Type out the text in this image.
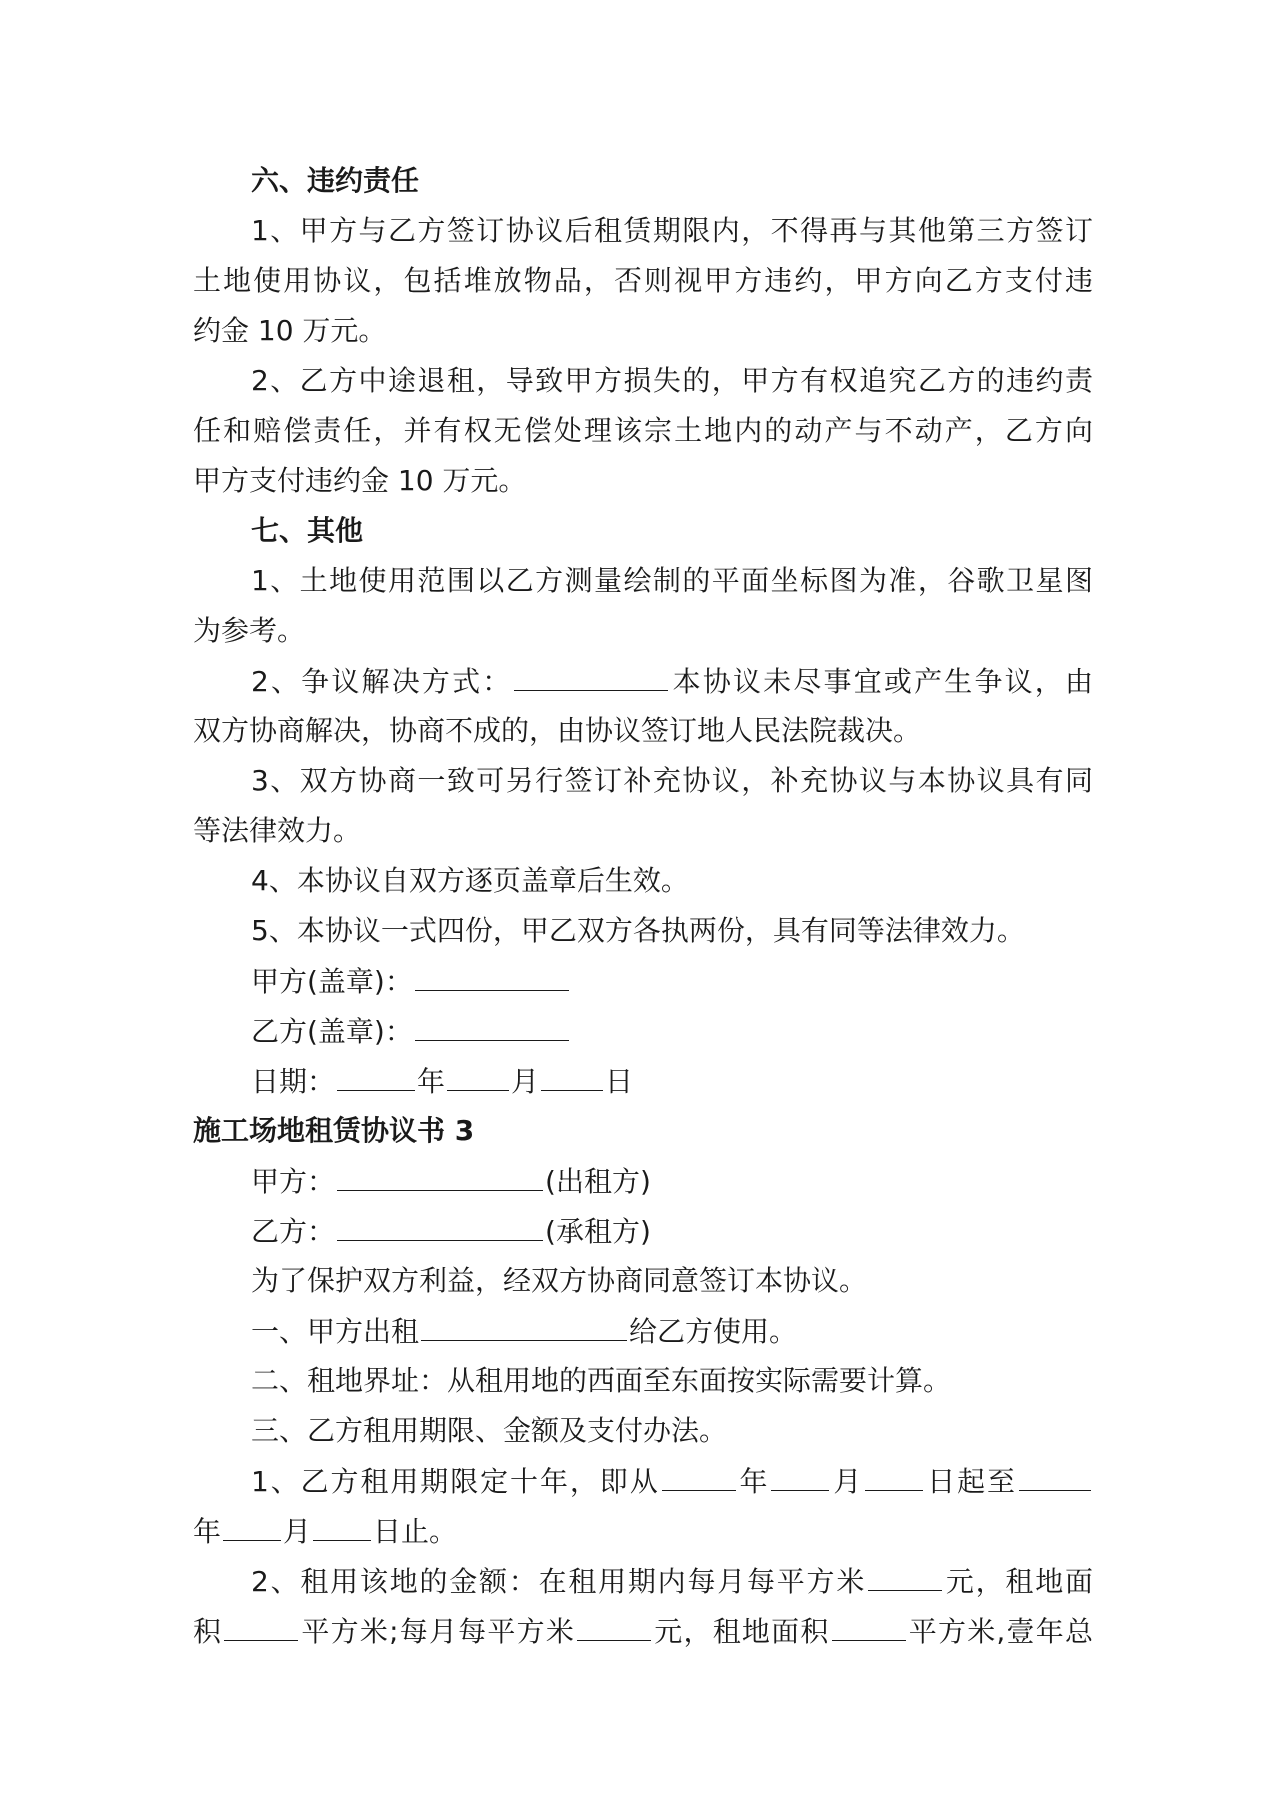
六、违约责任
1、甲方与乙方签订协议后租赁期限内，不得再与其他第三方签订
土地使用协议，包括堆放物品，否则视甲方违约，甲方向乙方支付违
约金 10 万元。
2、乙方中途退租，导致甲方损失的，甲方有权追究乙方的违约责
任和赔偿责任，并有权无偿处理该宗土地内的动产与不动产，乙方向
甲方支付违约金 10 万元。
七、其他
1、土地使用范围以乙方测量绘制的平面坐标图为准，谷歌卫星图
为参考。
2、争议解决方式：	本协议未尽事宜或产生争议，由
双方协商解决，协商不成的，由协议签订地人民法院裁决。
3、双方协商一致可另行签订补充协议，补充协议与本协议具有同
等法律效力。
4、本协议自双方逐页盖章后生效。
5、本协议一式四份，甲乙双方各执两份，具有同等法律效力。
甲方(盖章)：
乙方(盖章)：
日期：	年 月 日
施工场地租赁协议书 3
甲方：	(出租方)
乙方：	(承租方)
为了保护双方利益，经双方协商同意签订本协议。
一、甲方出租	给乙方使用。
二、租地界址：从租用地的西面至东面按实际需要计算。
三、乙方租用期限、金额及支付办法。
1、乙方租用期限定十年，即从	年 月 日起至
年 月 日止。
2、租用该地的金额：在租用期内每月每平方米	元，租地面
积	平方米;每月每平方米	元，租地面积	平方米,壹年总
